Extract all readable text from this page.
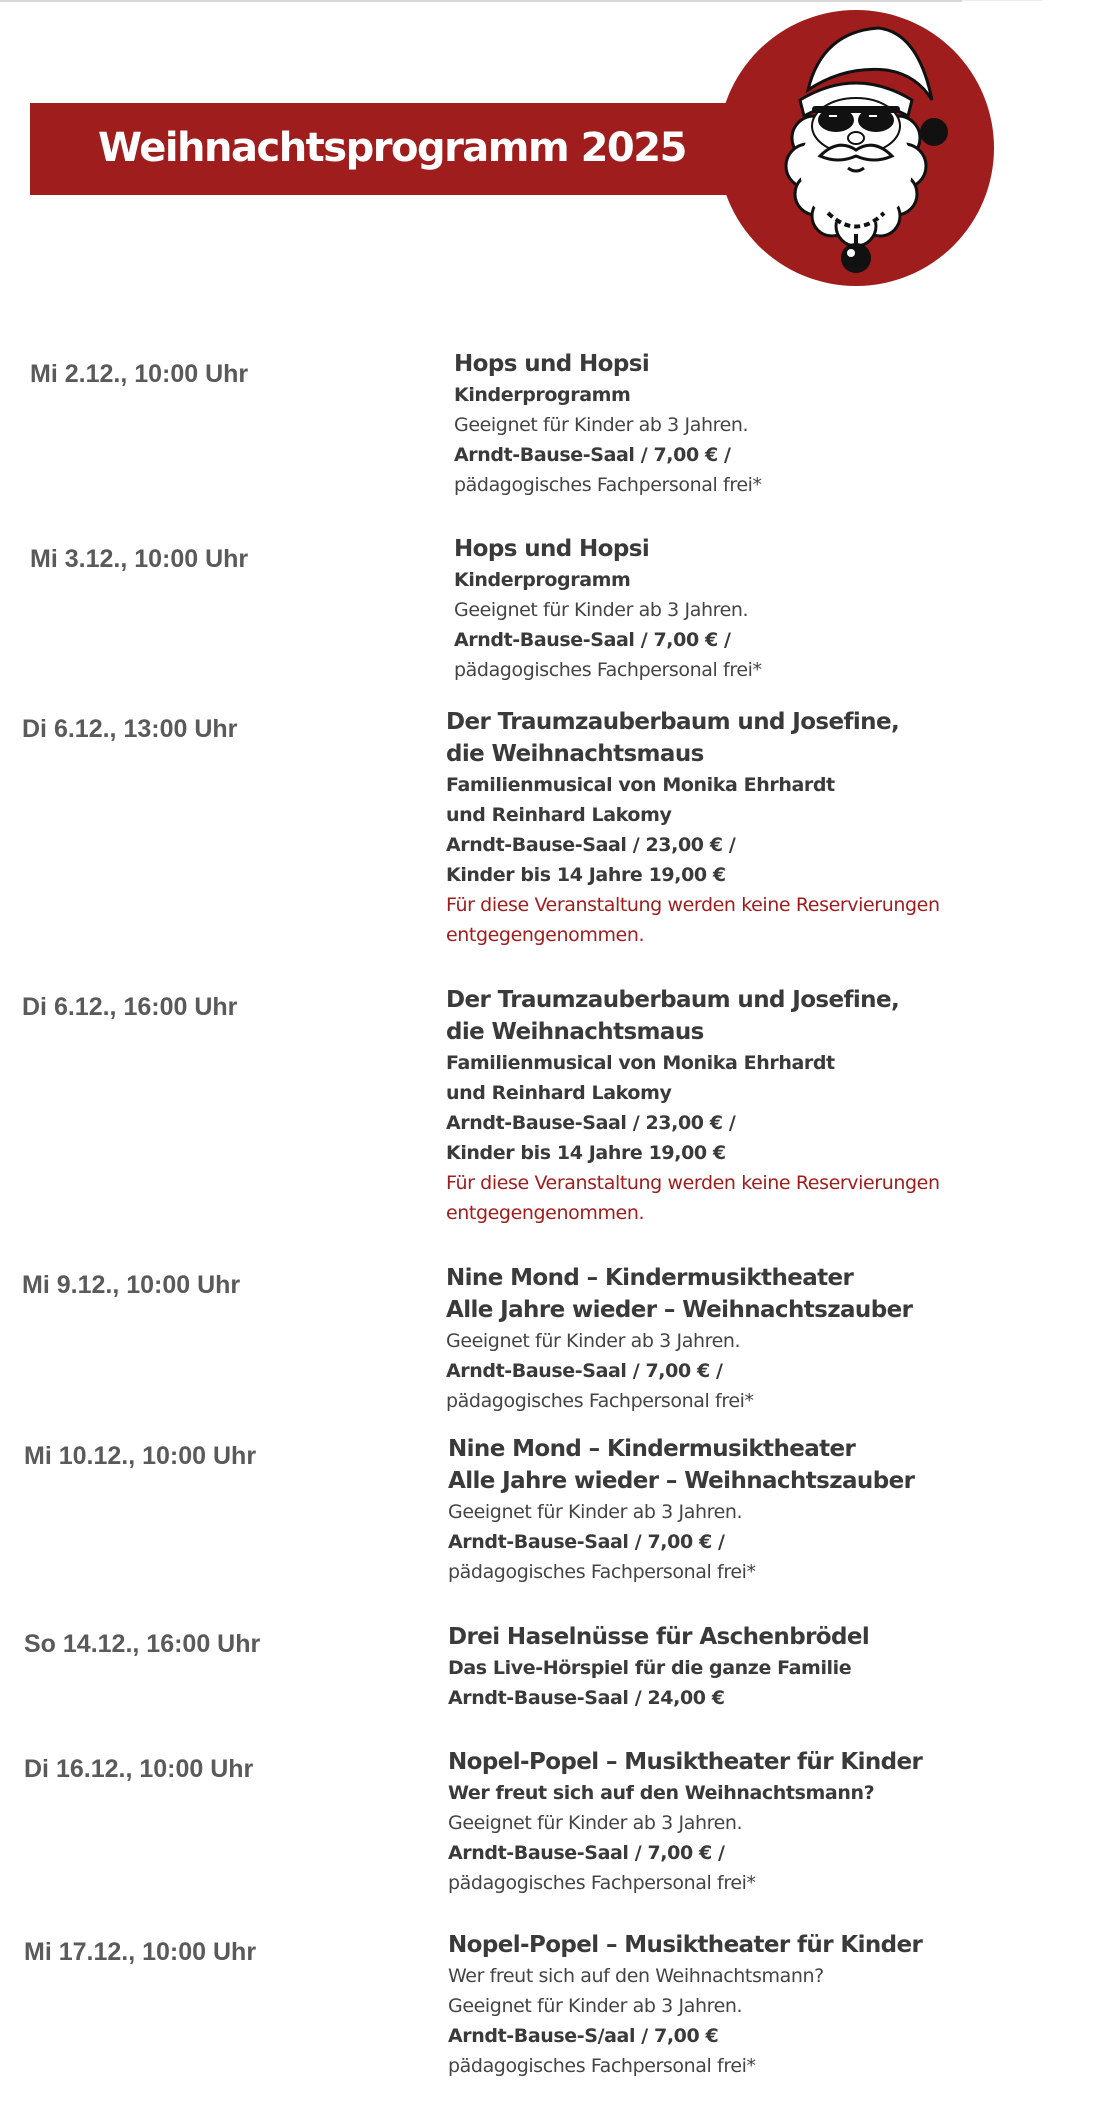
Weihnachtsprogramm 2025

Mi 2.12., 10:00 Uhr	Hops und Hopsi

Kinderprogramm

Geeignet für Kinder ab 3 Jahren.

Arndt-Bause-Saal / 7,00 € /

pädagogisches Fachpersonal frei*

Mi 3.12., 10:00 Uhr	Hops und Hopsi

Kinderprogramm

Geeignet für Kinder ab 3 Jahren.

Arndt-Bause-Saal / 7,00 € /

pädagogisches Fachpersonal frei*

Di 6.12., 13:00 Uhr	Der Traumzauberbaum und Josefine,

die Weihnachtsmaus

Familienmusical von Monika Ehrhardt

und Reinhard Lakomy

Arndt-Bause-Saal / 23,00 € /

Kinder bis 14 Jahre 19,00 €

Für diese Veranstaltung werden keine Reservierungen

entgegengenommen.

Di 6.12., 16:00 Uhr	Der Traumzauberbaum und Josefine,

die Weihnachtsmaus

Familienmusical von Monika Ehrhardt

und Reinhard Lakomy

Arndt-Bause-Saal / 23,00 € /

Kinder bis 14 Jahre 19,00 €

Für diese Veranstaltung werden keine Reservierungen

entgegengenommen.

Mi 9.12., 10:00 Uhr	Nine Mond – Kindermusiktheater

Alle Jahre wieder – Weihnachtszauber

Geeignet für Kinder ab 3 Jahren.

Arndt-Bause-Saal / 7,00 € /

pädagogisches Fachpersonal frei*

Mi 10.12., 10:00 Uhr	Nine Mond – Kindermusiktheater

Alle Jahre wieder – Weihnachtszauber

Geeignet für Kinder ab 3 Jahren.

Arndt-Bause-Saal / 7,00 € /

pädagogisches Fachpersonal frei*

So 14.12., 16:00 Uhr	Drei Haselnüsse für Aschenbrödel

Das Live-Hörspiel für die ganze Familie

Arndt-Bause-Saal / 24,00 €

Di 16.12., 10:00 Uhr	Nopel-Popel – Musiktheater für Kinder

Wer freut sich auf den Weihnachtsmann?

Geeignet für Kinder ab 3 Jahren.

Arndt-Bause-Saal / 7,00 € /

pädagogisches Fachpersonal frei*

Mi 17.12., 10:00 Uhr	Nopel-Popel – Musiktheater für Kinder

Wer freut sich auf den Weihnachtsmann?

Geeignet für Kinder ab 3 Jahren.

Arndt-Bause-S/aal / 7,00 €

pädagogisches Fachpersonal frei*
